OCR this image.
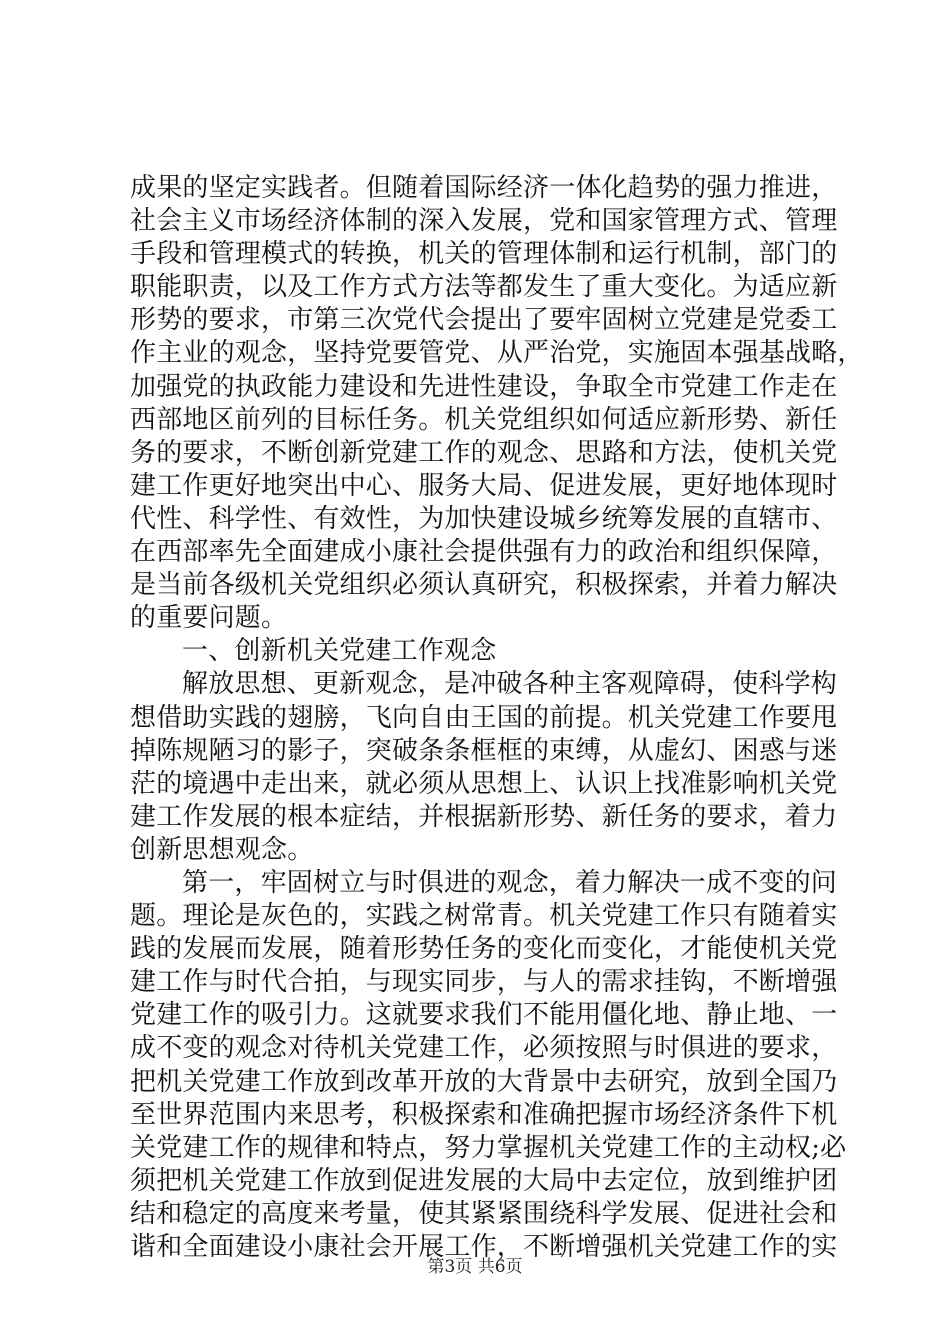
成果的坚定实践者。但随着国际经济一体化趋势的强力推进，
社会主义市场经济体制的深入发展，党和国家管理方式、管理
手段和管理模式的转换，机关的管理体制和运行机制，部门的
职能职责，以及工作方式方法等都发生了重大变化。为适应新
形势的要求，市第三次党代会提出了要牢固树立党建是党委工
作主业的观念，坚持党要管党、从严治党，实施固本强基战略，
加强党的执政能力建设和先进性建设，争取全市党建工作走在
西部地区前列的目标任务。机关党组织如何适应新形势、新任
务的要求，不断创新党建工作的观念、思路和方法，使机关党
建工作更好地突出中心、服务大局、促进发展，更好地体现时
代性、科学性、有效性，为加快建设城乡统筹发展的直辖市、
在西部率先全面建成小康社会提供强有力的政治和组织保障，
是当前各级机关党组织必须认真研究，积极探索，并着力解决
的重要问题。
一、创新机关党建工作观念
解放思想、更新观念，是冲破各种主客观障碍，使科学构
想借助实践的翅膀，飞向自由王国的前提。机关党建工作要甩
掉陈规陋习的影子，突破条条框框的束缚，从虚幻、困惑与迷
茫的境遇中走出来，就必须从思想上、认识上找准影响机关党
建工作发展的根本症结，并根据新形势、新任务的要求，着力
创新思想观念。
第一，牢固树立与时俱进的观念，着力解决一成不变的问
题。理论是灰色的，实践之树常青。机关党建工作只有随着实
践的发展而发展，随着形势任务的变化而变化，才能使机关党
建工作与时代合拍，与现实同步，与人的需求挂钩，不断增强
党建工作的吸引力。这就要求我们不能用僵化地、静止地、一
成不变的观念对待机关党建工作，必须按照与时俱进的要求，
把机关党建工作放到改革开放的大背景中去研究，放到全国乃
至世界范围内来思考，积极探索和准确把握市场经济条件下机
关党建工作的规律和特点，努力掌握机关党建工作的主动权;必
须把机关党建工作放到促进发展的大局中去定位，放到维护团
结和稳定的高度来考量，使其紧紧围绕科学发展、促进社会和
谐和全面建设小康社会开展工作，不断增强机关党建工作的实
第3页 共6页
